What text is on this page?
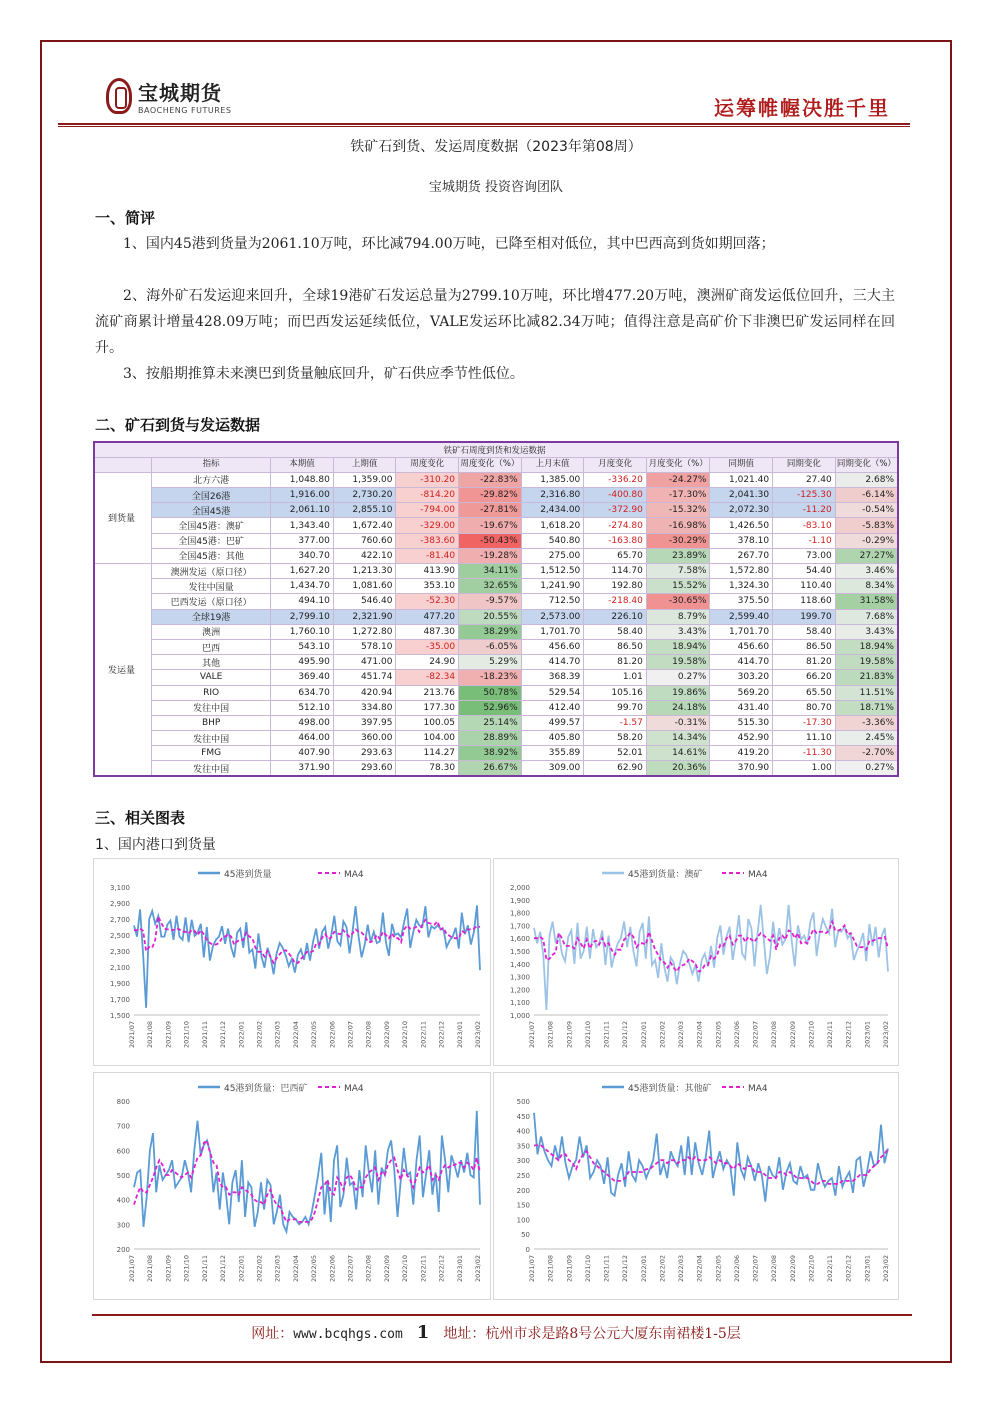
宝城期货
BAOCHENG FUTURES	运筹帷幄决胜千里
铁矿石到货、发运周度数据（2023年第08周）
宝城期货 投资咨询团队
一、简评
1、国内45港到货量为2061.10万吨，环比减794.00万吨，已降至相对低位，其中巴西高到货如期回落；
2、海外矿石发运迎来回升，全球19港矿石发运总量为2799.10万吨，环比增477.20万吨，澳洲矿商发运低位回升，三大主流矿商累计增量428.09万吨；而巴西发运延续低位，VALE发运环比减82.34万吨；值得注意是高矿价下非澳巴矿发运同样在回升。
3、按船期推算未来澳巴到货量触底回升，矿石供应季节性低位。
二、矿石到货与发运数据
铁矿石周度到货和发运数据											
	指标	本期值	上期值	周度变化	周度变化（%）	上月末值	月度变化	月度变化（%）	同期值	同期变化	同期变化（%）
到货量	北方六港	1,048.80	1,359.00	-310.20	-22.83%	1,385.00	-336.20	-24.27%	1,021.40	27.40	2.68%
	全国26港	1,916.00	2,730.20	-814.20	-29.82%	2,316.80	-400.80	-17.30%	2,041.30	-125.30	-6.14%
	全国45港	2,061.10	2,855.10	-794.00	-27.81%	2,434.00	-372.90	-15.32%	2,072.30	-11.20	-0.54%
	全国45港：澳矿	1,343.40	1,672.40	-329.00	-19.67%	1,618.20	-274.80	-16.98%	1,426.50	-83.10	-5.83%
	全国45港：巴矿	377.00	760.60	-383.60	-50.43%	540.80	-163.80	-30.29%	378.10	-1.10	-0.29%
	全国45港：其他	340.70	422.10	-81.40	-19.28%	275.00	65.70	23.89%	267.70	73.00	27.27%
发运量	澳洲发运（原口径）	1,627.20	1,213.30	413.90	34.11%	1,512.50	114.70	7.58%	1,572.80	54.40	3.46%
	发往中国量	1,434.70	1,081.60	353.10	32.65%	1,241.90	192.80	15.52%	1,324.30	110.40	8.34%
	巴西发运（原口径）	494.10	546.40	-52.30	-9.57%	712.50	-218.40	-30.65%	375.50	118.60	31.58%
	全球19港	2,799.10	2,321.90	477.20	20.55%	2,573.00	226.10	8.79%	2,599.40	199.70	7.68%
	澳洲	1,760.10	1,272.80	487.30	38.29%	1,701.70	58.40	3.43%	1,701.70	58.40	3.43%
	巴西	543.10	578.10	-35.00	-6.05%	456.60	86.50	18.94%	456.60	86.50	18.94%
	其他	495.90	471.00	24.90	5.29%	414.70	81.20	19.58%	414.70	81.20	19.58%
	VALE	369.40	451.74	-82.34	-18.23%	368.39	1.01	0.27%	303.20	66.20	21.83%
	RIO	634.70	420.94	213.76	50.78%	529.54	105.16	19.86%	569.20	65.50	11.51%
	发往中国	512.10	334.80	177.30	52.96%	412.40	99.70	24.18%	431.40	80.70	18.71%
	BHP	498.00	397.95	100.05	25.14%	499.57	-1.57	-0.31%	515.30	-17.30	-3.36%
	发往中国	464.00	360.00	104.00	28.89%	405.80	58.20	14.34%	452.90	11.10	2.45%
	FMG	407.90	293.63	114.27	38.92%	355.89	52.01	14.61%	419.20	-11.30	-2.70%
	发往中国	371.90	293.60	78.30	26.67%	309.00	62.90	20.36%	370.90	1.00	0.27%
三、相关图表
1、国内港口到货量
45港到货量	MA4
3,100
2,900
2,700
2,500
2,300
2,100
1,900
1,700
1,500
2021/07 2021/08 2021/09 2021/10 2021/11 2021/12 2022/01 2022/02 2022/03 2022/04 2022/05 2022/06 2022/07 2022/08 2022/09 2022/10 2022/11 2022/12 2023/01 2023/02
45港到货量：澳矿	MA4
2,000
1,900
1,800
1,700
1,600
1,500
1,400
1,300
1,200
1,100
1,000
2021/07 2021/08 2021/09 2021/10 2021/11 2021/12 2022/01 2022/02 2022/03 2022/04 2022/05 2022/06 2022/07 2022/08 2022/09 2022/10 2022/11 2022/12 2023/01 2023/02
45港到货量：巴西矿	MA4
800
700
600
500
400
300
200
2021/07 2021/08 2021/09 2021/10 2021/11 2021/12 2022/01 2022/02 2022/03 2022/04 2022/05 2022/06 2022/07 2022/08 2022/09 2022/10 2022/11 2022/12 2023/01 2023/02
45港到货量：其他矿	MA4
500
450
400
350
300
250
200
150
100
50
0
2021/07 2021/08 2021/09 2021/10 2021/11 2021/12 2022/01 2022/02 2022/03 2022/04 2022/05 2022/06 2022/07 2022/08 2022/09 2022/10 2022/11 2022/12 2023/01 2023/02
网址：www.bcqhgs.com 1 地址：杭州市求是路8号公元大厦东南裙楼1-5层
